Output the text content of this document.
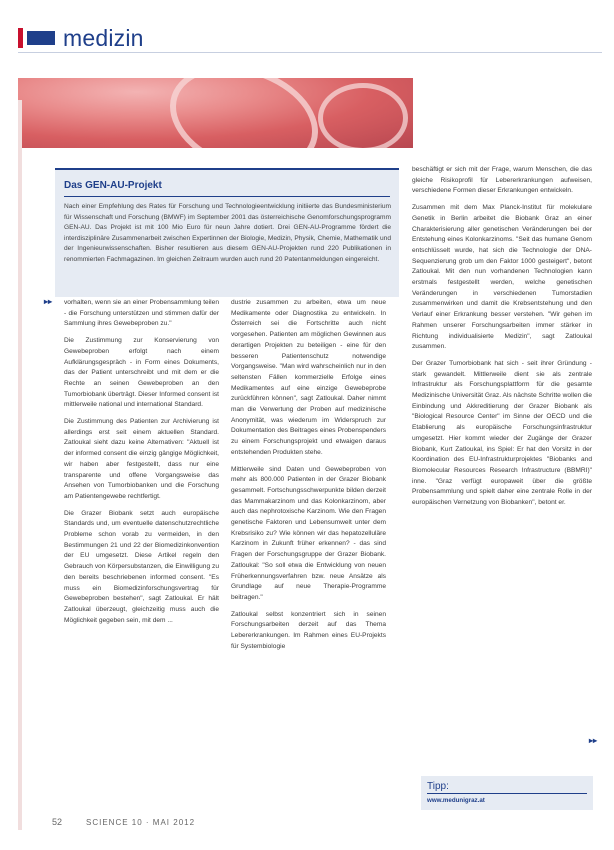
medizin
Das GEN-AU-Projekt
Nach einer Empfehlung des Rates für Forschung und Technologieentwicklung initiierte das Bundesministerium für Wissenschaft und Forschung (BMWF) im September 2001 das österreichische Genomforschungsprogramm GEN-AU. Das Projekt ist mit 100 Mio Euro für neun Jahre dotiert. Drei GEN-AU-Programme fördert die interdisziplinäre Zusammenarbeit zwischen Expertinnen der Biologie, Medizin, Physik, Chemie, Mathematik und der Ingenieurwissenschaften. Bisher resultieren aus diesem GEN-AU-Projekten rund 220 Publikationen in renommierten Fachmagazinen. Im gleichen Zeitraum wurden auch rund 20 Patentanmeldungen eingereicht.
▸▸ vorhalten, wenn sie an einer Probensammlung teilen - die Forschung unterstützen und stimmen dafür der Sammlung ihres Gewebeproben zu."

Die Zustimmung zur Konservierung von Gewebeproben erfolgt nach einem Aufklärungsgespräch - in Form eines Dokuments, das der Patient unterschreibt und mit dem er die Rechte an seinen Gewebeproben an den Tumorbiobank überträgt. Dieser Informed consent ist mittlerweile national und international Standard.

Die Zustimmung des Patienten zur Archivierung ist allerdings erst seit einem aktuellen Standard. Zatloukal sieht dazu keine Alternativen: "Aktuell ist der informed consent die einzig gängige Möglichkeit, wir haben aber festgestellt, dass nur eine transparente und offene Vorgangsweise das Ansehen von Tumorbiobanken und die Forschung am Patientengewebe rechtfertigt.

Die Grazer Biobank setzt auch europäische Standards und, um eventuelle datenschutzrechtliche Probleme schon vorab zu vermeiden, in den Bestimmungen 21 und 22 der Biomedizinkonvention der EU umgesetzt. Diese Artikel regeln den Gebrauch von Körpersubstanzen, die Einwilligung zu den bereits beschriebenen informed consent. "Es muss ein Biomedizinforschungsvertrag für Gewebeproben bestehen", sagt Zatloukal. Er hält Zatloukal überzeugt, gleichzeitig muss auch die Möglichkeit gegeben sein, mit dem ...

dustrie zusammen zu arbeiten, etwa um neue Medikamente oder Diagnostika zu entwickeln. In Österreich sei die Fortschritte auch nicht vorgesehen. Patienten am möglichen Gewinnen aus derartigen Projekten zu beteiligen - eine für den besseren Patientenschutz notwendige Vorgangsweise. "Man wird wahrscheinlich nur in den seltensten Fällen kommerzielle Erfolge eines Medikamentes auf eine einzige Gewebeprobe zurückführen können", sagt Zatloukal. Daher nimmt man die Verwertung der Proben auf medizinische Anonymität, was wiederum im Widerspruch zur Dokumentation des Beitrages eines Probenspenders zu einem Forschungsprojekt und etwaigen daraus entstehenden Produkten stehe.

Mittlerweile sind Daten und Gewebeproben von mehr als 800.000 Patienten in der Grazer Biobank gesammelt. Fortschungsschwerpunkte bilden derzeit das Mammakarzinom und das Kolonkarzinom, aber auch das nephrotoxische Karzinom. Wie den Fragen genetische Faktoren und Lebensumwelt unter dem Krebsrisiko zu? Wie können wir das hepatozelluläre Karzinom in Zukunft früher erkennen? - das sind Fragen der Forschungsgruppe der Grazer Biobank. Zatloukal: "So soll etwa die Entwicklung von neuen Früherkennungsverfahren bzw. neue Ansätze als Grundlage auf neue Therapie-Programme beitragen."

Zatloukal selbst konzentriert sich in seinen Forschungsarbeiten derzeit auf das Thema Lebererkrankungen. Im Rahmen eines EU-Projekts für Systembiologie

beschäftigt er sich mit der Frage, warum Menschen, die das gleiche Risikoprofil für Lebererkrankungen aufweisen, verschiedene Formen dieser Erkrankungen entwickeln.

Zusammen mit dem Max Planck-Institut für molekulare Genetik in Berlin arbeitet die Biobank Graz an einer Charakterisierung aller genetischen Veränderungen bei der Entstehung eines Kolonkarzinoms. "Seit das humane Genom entschlüsselt wurde, hat sich die Technologie der DNA-Sequenzierung grob um den Faktor 1000 gesteigert", betont Zatloukal. Mit den nun vorhandenen Technologien kann erstmals festgestellt werden, welche genetischen Veränderungen in verschiedenen Tumorstadien zusammenwirken und damit die Krebsentstehung und den Verlauf einer Erkrankung besser verstehen. "Wir gehen im Rahmen unserer Forschungsarbeiten immer stärker in Richtung individualisierte Medizin", sagt Zatloukal zusammen.

Der Grazer Tumorbiobank hat sich - seit ihrer Gründung - stark gewandelt. Mittlerweile dient sie als zentrale Infrastruktur als Forschungsplattform für die gesamte Medizinische Universität Graz. Als nächste Schritte wollen die Einbindung und Akkreditierung der Grazer Biobank als "Biological Resource Center" im Sinne der OECD und die Etablierung als europäische Forschungsinfrastruktur umgesetzt. Hier kommt wieder der Zugänge der Grazer Biobank, Kurt Zatloukal, ins Spiel: Er hat den Vorsitz in der Koordination des EU-Infrastrukturprojektes "Biobanks and Biomolecular Resources Research Infrastructure (BBMRI)" inne. "Graz verfügt europaweit über die größte Probensammlung und spielt daher eine zentrale Rolle in der europäischen Vernetzung von Biobanken", betont er.

▸▸
Tipp:
www.medunigraz.at
52	SCIENCE 10 · MAI 2012
